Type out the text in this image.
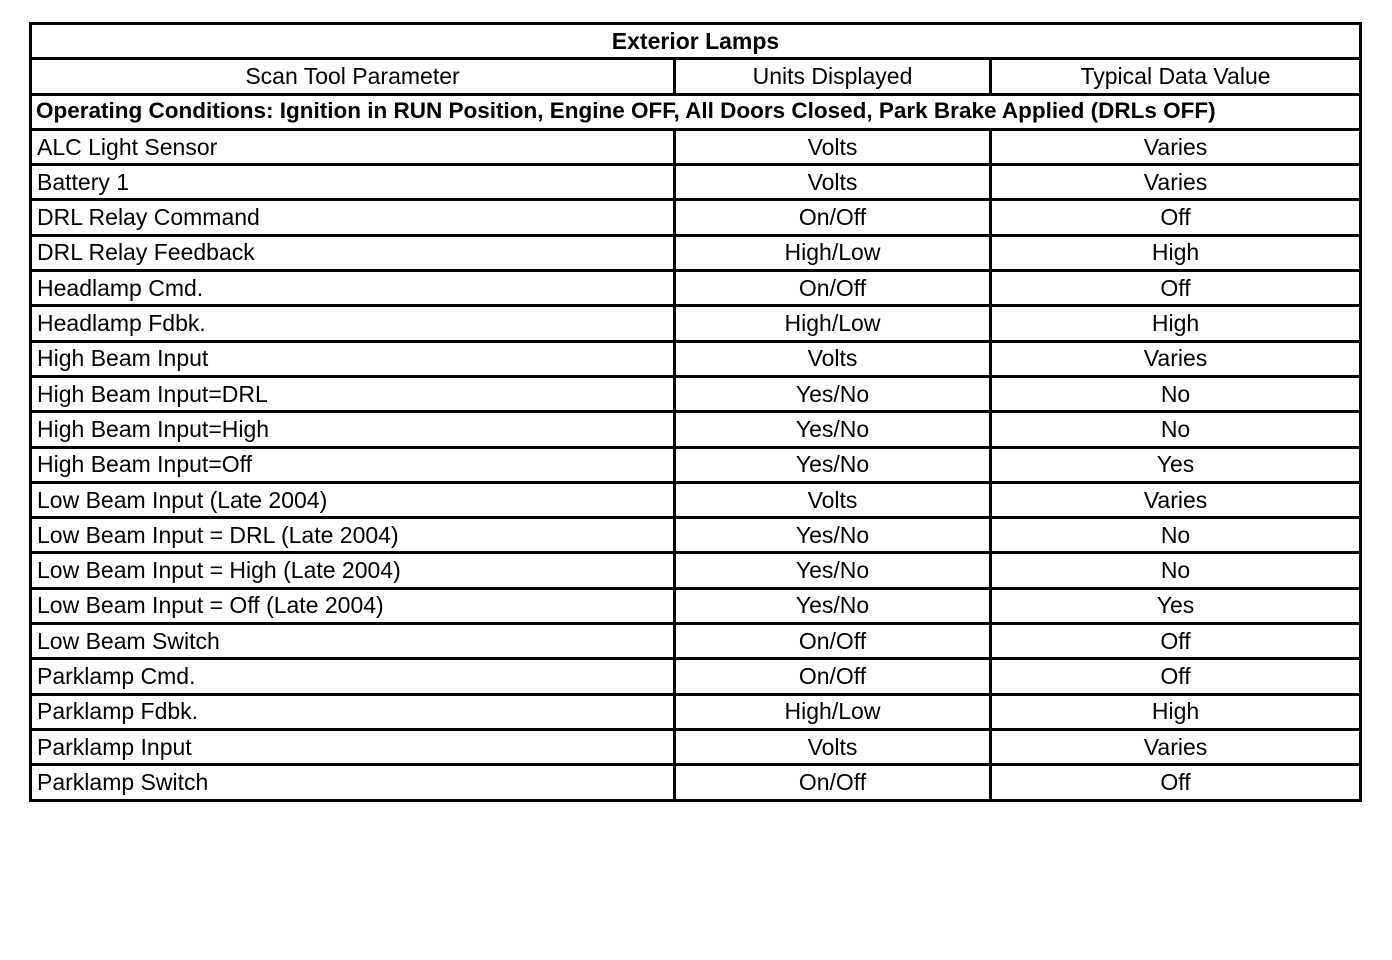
Exterior Lamps		
Scan Tool Parameter	Units Displayed	Typical Data Value
Operating Conditions: Ignition in RUN Position, Engine OFF, All Doors Closed, Park Brake Applied (DRLs OFF)		
ALC Light Sensor	Volts	Varies
Battery 1	Volts	Varies
DRL Relay Command	On/Off	Off
DRL Relay Feedback	High/Low	High
Headlamp Cmd.	On/Off	Off
Headlamp Fdbk.	High/Low	High
High Beam Input	Volts	Varies
High Beam Input=DRL	Yes/No	No
High Beam Input=High	Yes/No	No
High Beam Input=Off	Yes/No	Yes
Low Beam Input (Late 2004)	Volts	Varies
Low Beam Input = DRL (Late 2004)	Yes/No	No
Low Beam Input = High (Late 2004)	Yes/No	No
Low Beam Input = Off (Late 2004)	Yes/No	Yes
Low Beam Switch	On/Off	Off
Parklamp Cmd.	On/Off	Off
Parklamp Fdbk.	High/Low	High
Parklamp Input	Volts	Varies
Parklamp Switch	On/Off	Off
